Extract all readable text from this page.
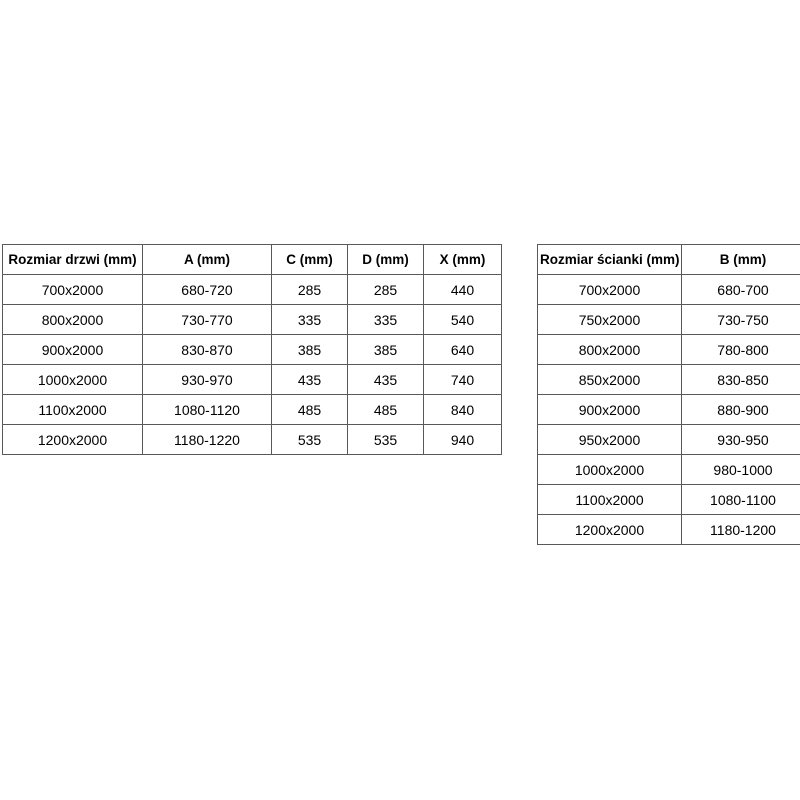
Rozmiar drzwi (mm)	A (mm)	C (mm)	D (mm)	X (mm)
700x2000	680-720	285	285	440
800x2000	730-770	335	335	540
900x2000	830-870	385	385	640
1000x2000	930-970	435	435	740
1100x2000	1080-1120	485	485	840
1200x2000	1180-1220	535	535	940
Rozmiar ścianki (mm)	B (mm)
700x2000	680-700
750x2000	730-750
800x2000	780-800
850x2000	830-850
900x2000	880-900
950x2000	930-950
1000x2000	980-1000
1100x2000	1080-1100
1200x2000	1180-1200
